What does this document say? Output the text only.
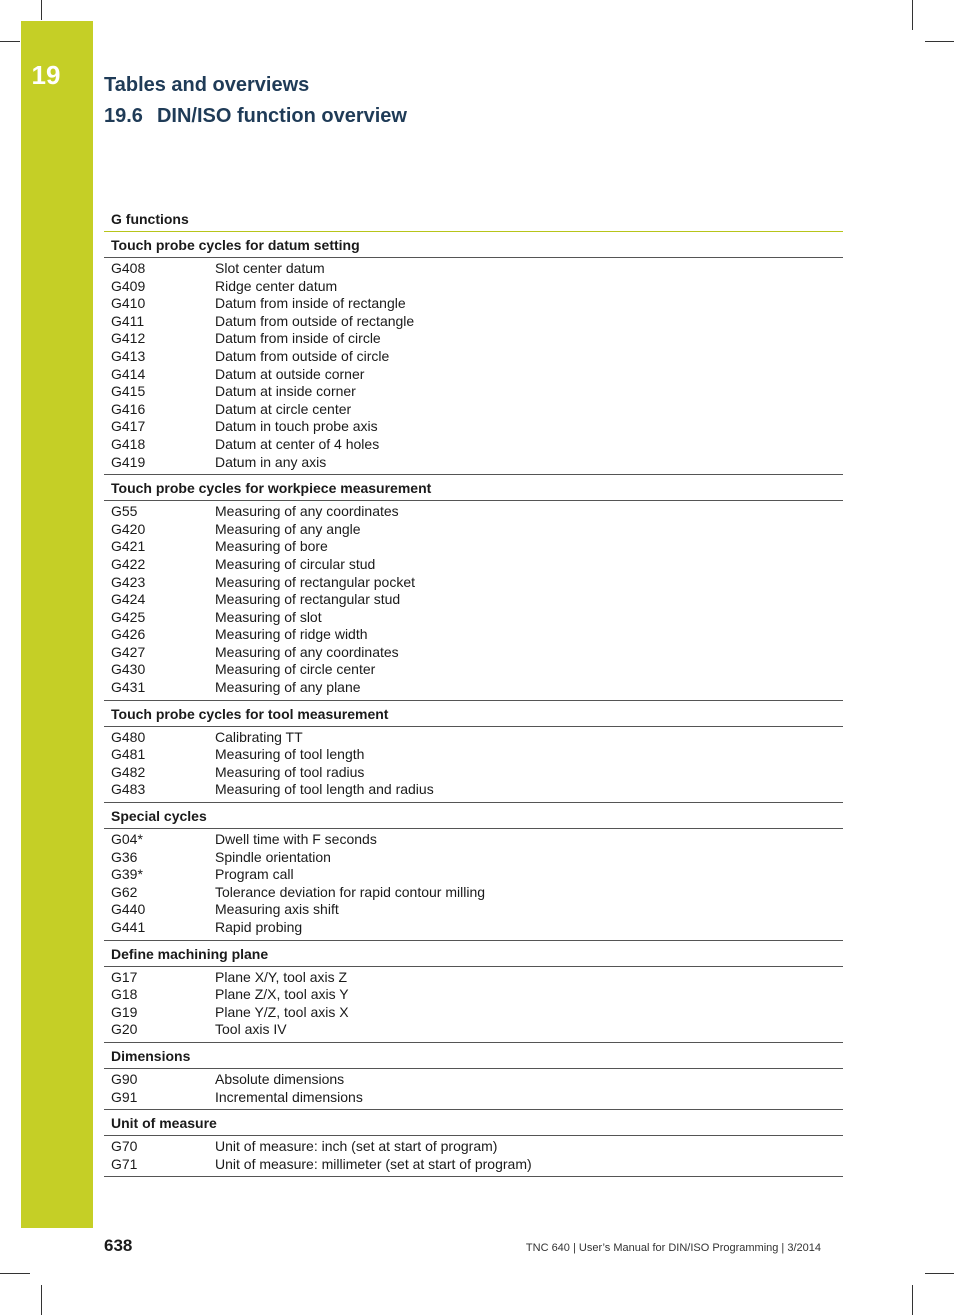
19	Tables and overviews
19.6 DIN/ISO function overview
G functions
Touch probe cycles for datum setting
G408	Slot center datum
G409	Ridge center datum
G410	Datum from inside of rectangle
G411	Datum from outside of rectangle
G412	Datum from inside of circle
G413	Datum from outside of circle
G414	Datum at outside corner
G415	Datum at inside corner
G416	Datum at circle center
G417	Datum in touch probe axis
G418	Datum at center of 4 holes
G419	Datum in any axis
Touch probe cycles for workpiece measurement
G55	Measuring of any coordinates
G420	Measuring of any angle
G421	Measuring of bore
G422	Measuring of circular stud
G423	Measuring of rectangular pocket
G424	Measuring of rectangular stud
G425	Measuring of slot
G426	Measuring of ridge width
G427	Measuring of any coordinates
G430	Measuring of circle center
G431	Measuring of any plane
Touch probe cycles for tool measurement
G480	Calibrating TT
G481	Measuring of tool length
G482	Measuring of tool radius
G483	Measuring of tool length and radius
Special cycles
G04*	Dwell time with F seconds
G36	Spindle orientation
G39*	Program call
G62	Tolerance deviation for rapid contour milling
G440	Measuring axis shift
G441	Rapid probing
Define machining plane
G17	Plane X/Y, tool axis Z
G18	Plane Z/X, tool axis Y
G19	Plane Y/Z, tool axis X
G20	Tool axis IV
Dimensions
G90	Absolute dimensions
G91	Incremental dimensions
Unit of measure
G70	Unit of measure: inch (set at start of program)
G71	Unit of measure: millimeter (set at start of program)
638	TNC 640 | User’s Manual for DIN/ISO Programming | 3/2014
